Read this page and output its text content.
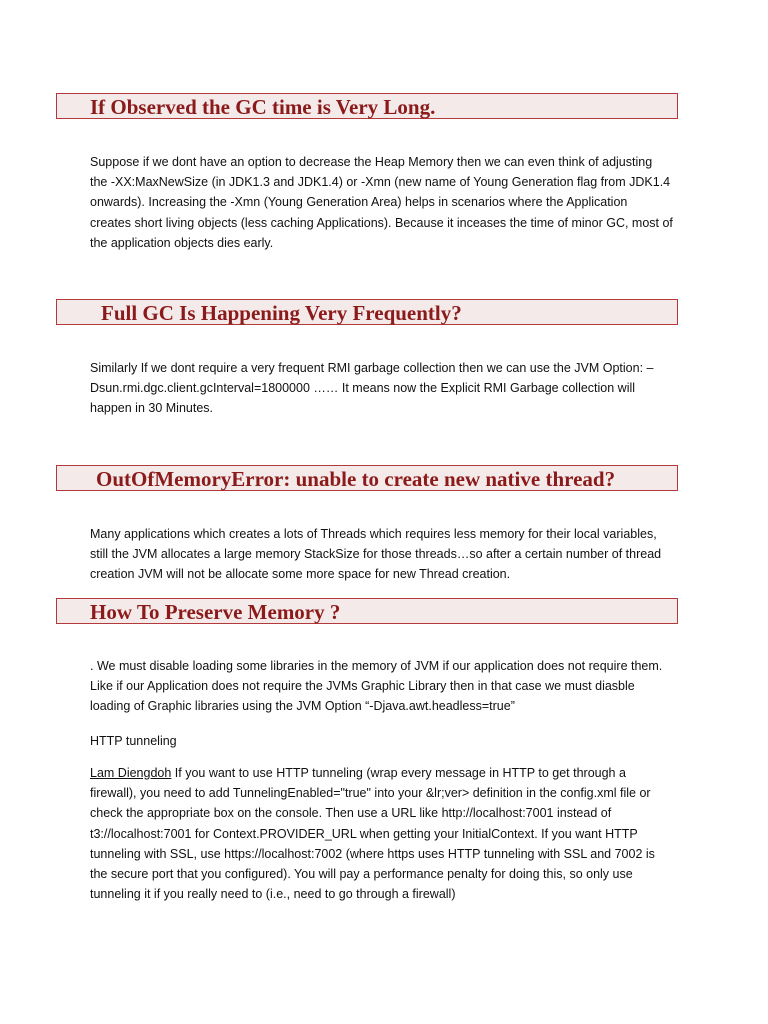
If Observed the GC time is Very Long.
Suppose if we dont have an option to decrease the Heap Memory then we can even think of adjusting
the -XX:MaxNewSize (in JDK1.3 and JDK1.4) or -Xmn (new name of Young Generation flag from JDK1.4
onwards). Increasing the -Xmn (Young Generation Area) helps in scenarios where the Application
creates short living objects (less caching Applications). Because it inceases the time of minor GC, most of
the application objects dies early.
Full GC Is Happening Very Frequently?
Similarly If we dont require a very frequent RMI garbage collection then we can use the JVM Option: –
Dsun.rmi.dgc.client.gcInterval=1800000 …… It means now the Explicit RMI Garbage collection will
happen in 30 Minutes.
OutOfMemoryError: unable to create new native thread?
Many applications which creates a lots of Threads which requires less memory for their local variables,
still the JVM allocates a large memory StackSize for those threads…so after a certain number of thread
creation JVM will not be allocate some more space for new Thread creation.
How To Preserve Memory ?
. We must disable loading some libraries in the memory of JVM if our application does not require them.
Like if our Application does not require the JVMs Graphic Library then in that case we must diasble
loading of Graphic libraries using the JVM Option “-Djava.awt.headless=true”
HTTP tunneling
Lam Diengdoh If you want to use HTTP tunneling (wrap every message in HTTP to get through a
firewall), you need to add TunnelingEnabled="true" into your &lr;ver> definition in the config.xml file or
check the appropriate box on the console. Then use a URL like http://localhost:7001 instead of
t3://localhost:7001 for Context.PROVIDER_URL when getting your InitialContext. If you want HTTP
tunneling with SSL, use https://localhost:7002 (where https uses HTTP tunneling with SSL and 7002 is
the secure port that you configured). You will pay a performance penalty for doing this, so only use
tunneling it if you really need to (i.e., need to go through a firewall)
